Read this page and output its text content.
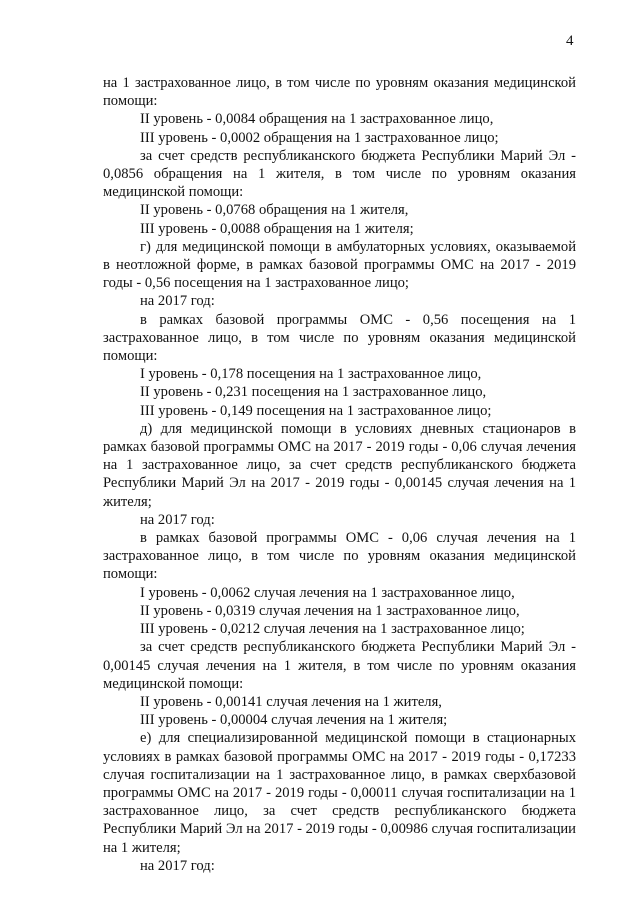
4

на 1 застрахованное лицо, в том числе по уровням оказания медицинской помощи:

II уровень - 0,0084 обращения на 1 застрахованное лицо,

III уровень - 0,0002 обращения на 1 застрахованное лицо;

за счет средств республиканского бюджета Республики Марий Эл - 0,0856 обращения на 1 жителя, в том числе по уровням оказания медицинской помощи:

II уровень - 0,0768 обращения на 1 жителя,

III уровень - 0,0088 обращения на 1 жителя;

г) для медицинской помощи в амбулаторных условиях, оказываемой в неотложной форме, в рамках базовой программы ОМС на 2017 - 2019 годы - 0,56 посещения на 1 застрахованное лицо;

на 2017 год:

в рамках базовой программы ОМС - 0,56 посещения на 1 застрахованное лицо, в том числе по уровням оказания медицинской помощи:

I уровень - 0,178 посещения на 1 застрахованное лицо,

II уровень - 0,231 посещения на 1 застрахованное лицо,

III уровень - 0,149 посещения на 1 застрахованное лицо;

д) для медицинской помощи в условиях дневных стационаров в рамках базовой программы ОМС на 2017 - 2019 годы - 0,06 случая лечения на 1 застрахованное лицо, за счет средств республиканского бюджета Республики Марий Эл на 2017 - 2019 годы - 0,00145 случая лечения на 1 жителя;

на 2017 год:

в рамках базовой программы ОМС - 0,06 случая лечения на 1 застрахованное лицо, в том числе по уровням оказания медицинской помощи:

I уровень - 0,0062 случая лечения на 1 застрахованное лицо,

II уровень - 0,0319 случая лечения на 1 застрахованное лицо,

III уровень - 0,0212 случая лечения на 1 застрахованное лицо;

за счет средств республиканского бюджета Республики Марий Эл - 0,00145 случая лечения на 1 жителя, в том числе по уровням оказания медицинской помощи:

II уровень - 0,00141 случая лечения на 1 жителя,

III уровень - 0,00004 случая лечения на 1 жителя;

е) для специализированной медицинской помощи в стационарных условиях в рамках базовой программы ОМС на 2017 - 2019 годы - 0,17233 случая госпитализации на 1 застрахованное лицо, в рамках сверхбазовой программы ОМС на 2017 - 2019 годы - 0,00011 случая госпитализации на 1 застрахованное лицо, за счет средств республиканского бюджета Республики Марий Эл на 2017 - 2019 годы - 0,00986 случая госпитализации на 1 жителя;

на 2017 год:
